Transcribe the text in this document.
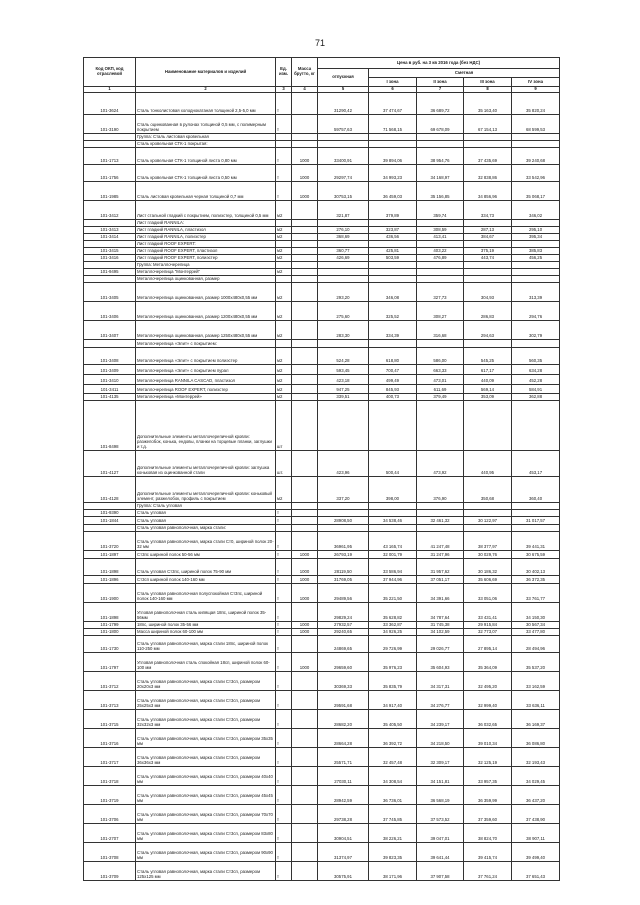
71
Код ОКП, код отраслевой	Наименование материалов и изделий	Ед. изм.	Масса брутто, кг	Цена в руб. на 3 кв 2016 года (без НДС)				
				отпускная	Сметная			
					I зона	II зона	III зона	IV зона
1	2	3	4	5	6	7	8	9
101-3624	Сталь тонколистовая холоднокатаная толщиной 2,5-5,0 мм	т		31290,42	37 474,67	36 689,72	35 163,40	35 820,24
101-3190	Сталь оцинкованная в рулонах толщиной 0,5 мм, с полимерным покрытием	т		59757,63	71 568,15	69 678,09	67 154,13	68 599,53
	Группа: Сталь листовая кровельная							
	Сталь кровельная СТК-1 покрытая:							
101-1713	Сталь кровельная СТК-1 толщиной листа 0,80 мм	т	1000	33400,91	39 894,06	38 954,76	37 435,69	39 240,68
101-1756	Сталь кровельная СТК-1 толщиной листа 0,50 мм	т	1000	29297,74	34 993,23	34 168,97	32 838,86	33 542,96
101-1985	Сталь листовая кровельная черная толщиной 0,7 мм	т	1000	30753,15	36 459,03	35 156,85	34 856,96	35 068,17
101-3412	Лист стальной гладкий с покрытием, полиэстер, толщиной 0,5 мм	м2		321,87	379,89	359,74	334,73	346,02
	Лист гладкий RANNILA:							
101-3413	Лист гладкий RANNILA, пластизол	м2		276,10	323,87	308,59	287,13	295,10
101-3414	Лист гладкий RANNILA, полиэстер	м2		368,69	436,56	413,41	384,67	395,34
	Лист гладкий ROOF EXPERT:							
101-3415	Лист гладкий ROOF EXPERT, пластизол	м2		360,77	425,81	403,22	375,19	385,83
101-3416	Лист гладкий ROOF EXPERT, полиэстер	м2		426,69	503,59	476,89	443,74	456,25
	Группа: Металлочерепица							
101-9495	Металлочерепица "Монтеррей"	м2						
	Металлочерепица оцинкованная, размер							
101-3405	Металлочерепица оцинкованная, размер 1000х480х0,55 мм	м2		293,20	346,08	327,73	304,93	313,39
101-3406	Металлочерепица оцинкованная, размер 1200х480х0,55 мм	м2		275,60	325,52	308,27	286,83	294,76
101-3407	Металлочерепица оцинкованная, размер 1250х480х0,55 мм	м2		283,30	334,39	316,68	294,63	302,79
	Металлочерепица «Элит» с покрытием:							
101-3408	Металлочерепица «Элит» с покрытием полиэстер	м2		524,28	618,80	586,00	545,25	560,35
101-3409	Металлочерепица «Элит» с покрытием пурал	м2		593,45	700,47	663,33	617,17	634,28
101-3410	Металлочерепица RANNILA CASCAD, пластизол	м2		423,18	499,49	473,01	440,09	452,28
101-3411	Металлочерепица ROOF EXPERT, полиэстер	м2		947,25	845,93	611,69	569,14	584,91
101-4135	Металлочерепица «Монтеррей»	м2		339,51	400,73	379,49	353,09	362,88
101-8498	Дополнительные элементы металлочерепичной кровли: разжелобок, конька, ендовы, планки на торцевые планки, заглушки и т.д.	шт						
101-4127	Дополнительные элементы металлочерепичной кровли: заглушка коньковая из оцинкованной стали	шт.		423,96	500,44	473,92	440,95	453,17
101-4128	Дополнительные элементы металлочерепичной кровли: коньковый элемент, разжелобок, профиль с покрытием	м2		337,20	398,00	376,90	350,68	360,40
	Группа: Сталь угловая							
101-9390	Сталь угловая	т						
101-1844	Сталь угловая	т		28908,50	34 538,46	32 461,32	30 122,97	31 017,57
	Сталь угловая равнополочная, марка стали:							
101-3720	Сталь угловая равнополочная, марка стали Ст0, шириной полок 20-32 мм	т		36961,95	43 165,74	41 247,48	38 377,97	39 441,31
101-1897	Ст3пс шириной полок 50-56 мм	т	1000	26793,19	32 001,79	31 247,96	30 029,76	30 675,59
101-1898	Сталь угловая Ст3пс, шириной полок 75-90 мм	т	1000	28119,50	33 586,94	31 957,62	30 186,32	30 402,13
101-1896	Ст3сп шириной полок 140-160 мм	т	1000	31769,05	37 944,96	37 051,17	35 606,69	36 372,35
101-1900	Сталь угловая равнополочная полуспокойная Ст3пс, шириной полок 140-160 мм	т	1000	29489,56	35 221,50	34 391,66	33 051,06	33 761,77
101-1898	Угловая равнополочная сталь кипящая 18пс, шириной полок 35-56мм	т		29829,24	35 628,82	34 787,64	33 431,41	34 150,30
101-1799	18пс, шириной полок 35-56 мм	т	1000	27932,57	33 362,87	31 745,38	29 915,84	30 567,34
101-1800	Масса шириной полок 60-100 мм	т	1000	29240,65	34 926,25	34 102,59	32 773,07	33 477,80
101-1730	Сталь угловая равнополочная, марка стали 18пс, шириной полок 110-250 мм	т		24869,65	29 726,99	29 026,77	27 895,14	28 494,96
101-1797	Угловая равнополочная сталь спокойная 18сп, шириной полок 60-100 мм	т	1000	29659,60	35 976,23	35 604,93	35 364,09	35 537,20
101-3712	Сталь угловая равнополочная, марка стали Ст3сп, размером 20х20х3 мм	т		30369,33	35 835,79	34 317,31	32 495,20	33 162,59
101-3713	Сталь угловая равнополочная, марка стали Ст3сп, размером 25х25х3 мм	т		29591,68	34 917,40	34 276,77	32 999,40	33 636,11
101-3715	Сталь угловая равнополочная, марка стали Ст3сп, размером 32х32х3 мм	т		28682,20	35 405,50	34 239,17	36 032,65	36 169,37
101-3716	Сталь угловая равнополочная, марка стали Ст3сп, размером 35х35 мм	т		28664,28	36 392,72	34 218,50	39 010,34	36 086,80
101-3717	Сталь угловая равнополочная, марка стали Ст3сп, размером 36х36х3 мм	т		25571,71	32 457,48	32 309,17	32 125,19	32 193,43
101-3718	Сталь угловая равнополочная, марка стали Ст3сп, размером 40х40 мм	т		27030,11	34 308,54	34 151,81	33 957,35	34 029,45
101-3719	Сталь угловая равнополочная, марка стали Ст3сп, размером 45х45 мм	т		28942,59	36 736,01	36 568,19	36 359,99	36 437,20
101-3706	Сталь угловая равнополочная, марка стали Ст3сп, размером 70х70 мм	т		29738,28	37 745,85	37 573,52	37 359,60	37 438,90
101-2707	Сталь угловая равнополочная, марка стали Ст3сп, размером 83х80 мм	т		30904,51	38 226,21	39 047,01	38 824,70	38 907,11
101-3708	Сталь угловая равнополочная, марка стали Ст3сп, размером 90х90 мм	т		31374,97	39 823,35	39 641,44	39 415,74	39 499,40
101-3709	Сталь угловая равнополочная, марка стали Ст3сп, размером 125х125 мм	т		30575,91	38 171,96	37 907,58	37 761,24	37 651,43
